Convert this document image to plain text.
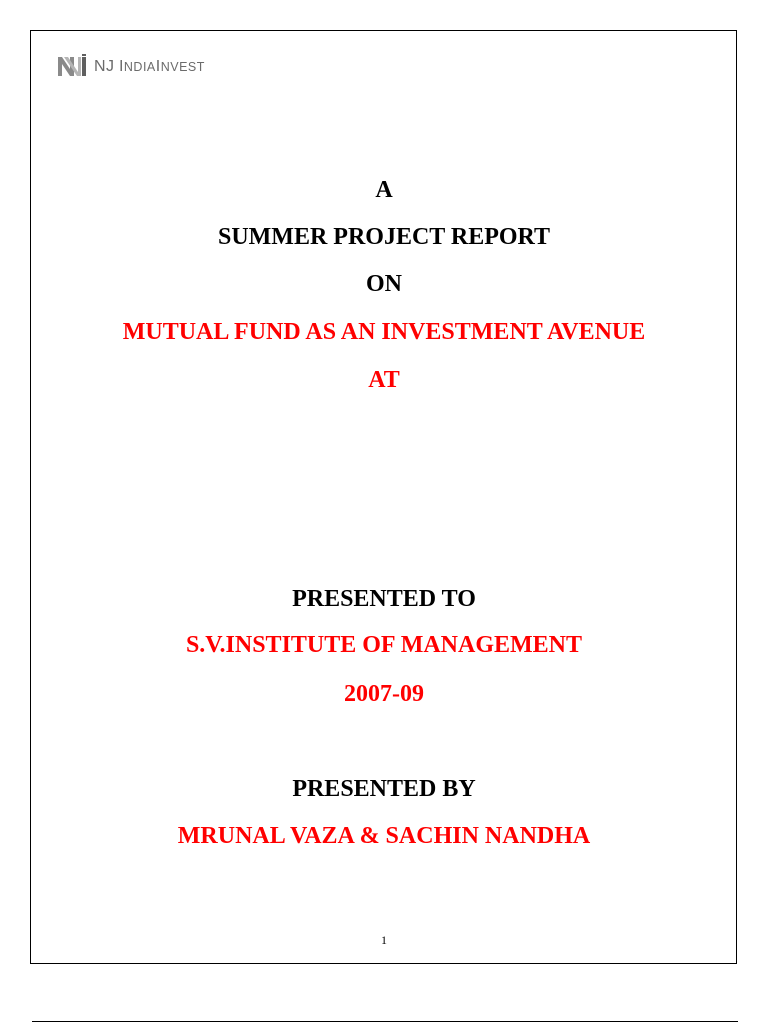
NJ INDIAINVEST
A
SUMMER PROJECT REPORT
ON
MUTUAL FUND AS AN INVESTMENT AVENUE
AT
PRESENTED TO
S.V.INSTITUTE OF MANAGEMENT
2007-09
PRESENTED BY
MRUNAL VAZA & SACHIN NANDHA
1
